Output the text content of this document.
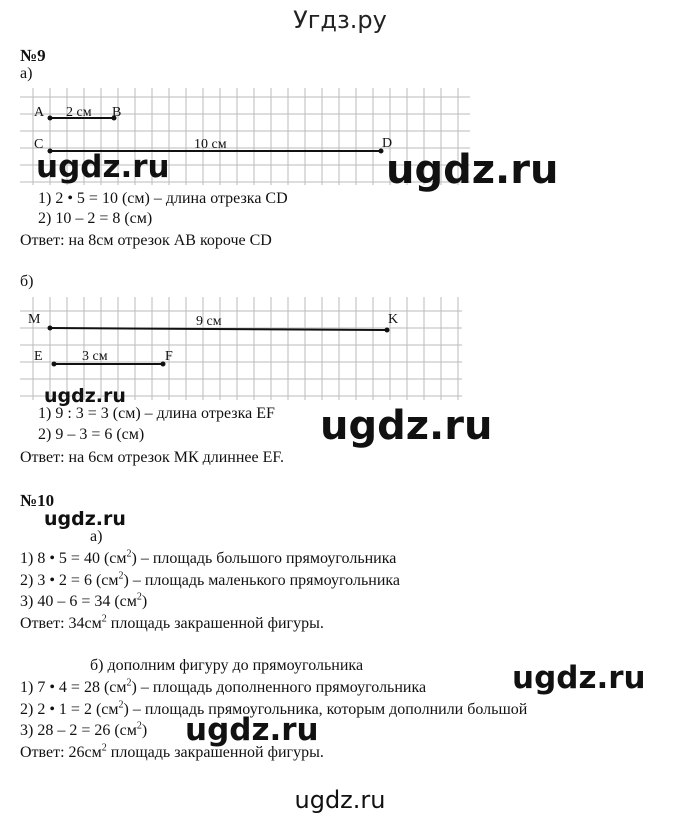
Угдз.ру
№9
а)
A	B
2 см
C	D
10 см
M	K
9 см
E	F
3 см
1) 2 • 5 = 10 (см) – длина отрезка CD
2) 10 – 2 = 8 (см)
Ответ: на 8см отрезок АВ короче CD
б)
1) 9 : 3 = 3 (см) – длина отрезка EF
2) 9 – 3 = 6 (см)
Ответ: на 6см отрезок МК длиннее EF.
№10
а)
1) 8 • 5 = 40 $(см^2)$ – площадь большого прямоугольника
2) 3 • 2 = 6 $(см^2)$ – площадь маленького прямоугольника
3) 40 – 6 = 34 $(см^2)$
Ответ: $34см^2$ площадь закрашенной фигуры.
б) дополним фигуру до прямоугольника
1) 7 • 4 = 28 $(см^2)$ – площадь дополненного прямоугольника
2) 2 • 1 = 2 $(см^2)$ – площадь прямоугольника, которым дополнили большой
3) 28 – 2 = 26 $(см^2)$
Ответ: $26см^2$ площадь закрашенной фигуры.
ugdz.ru	ugdz.ru
ugdz.ru
ugdz.ru
ugdz.ru
ugdz.ru
ugdz.ru
ugdz.ru
